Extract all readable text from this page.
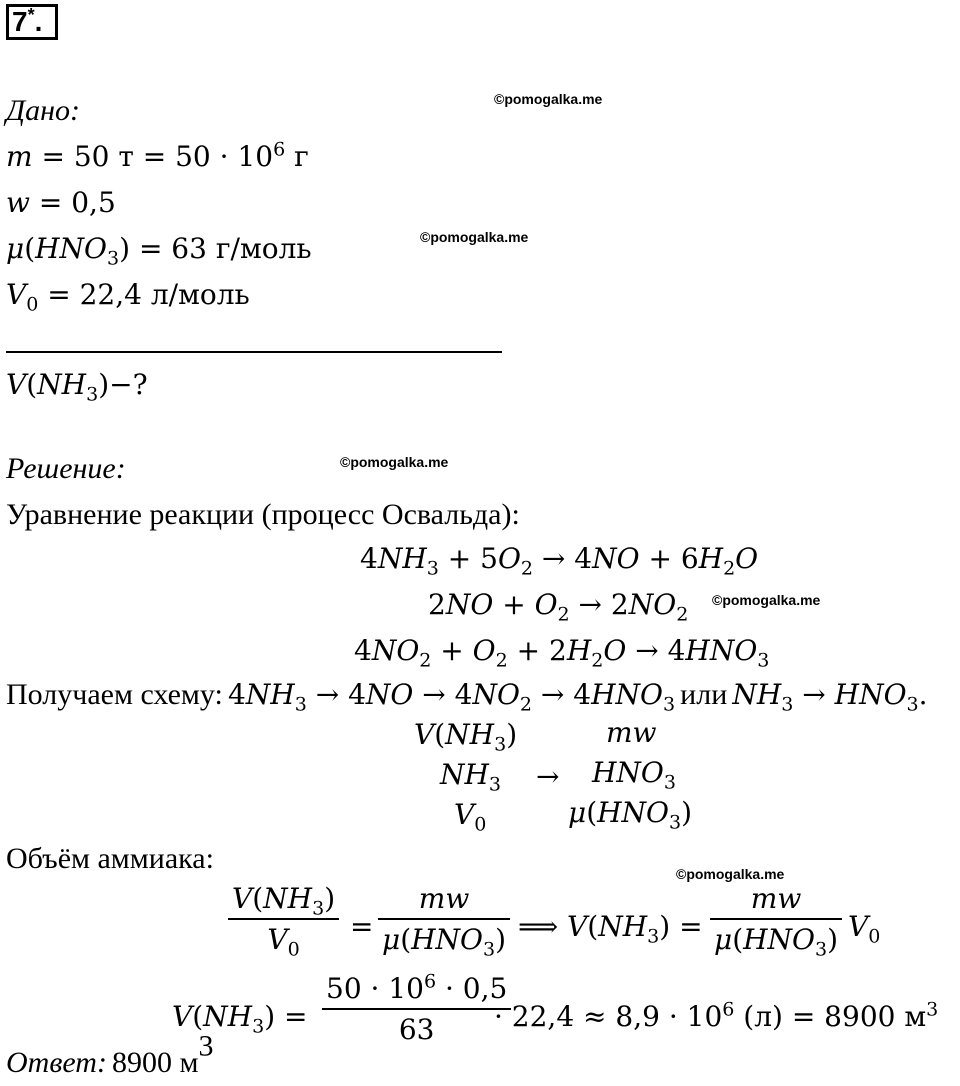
7*.
©pomogalka.me
©pomogalka.me
©pomogalka.me
©pomogalka.me
©pomogalka.me
Дано:
m = 50 $т = 50 \cdot 10^6$ г
w = 0,5
$\mu(HNO_3) = 63$ г/моль
$V_0 = 22,4$ л/моль
$V(NH_3)-$?
Решение:
Уравнение реакции (процесс Освальда):
$4NH_3 + 5O_2 \to 4NO + 6H_2O$
$2NO + O_2 \to 2NO_2$
$4NO_2 + O_2 + 2H_2O \to 4HNO_3$
Получаем схему: $4NH_3 \to 4NO \to 4NO_2 \to 4HNO_3$ или $NH_3 \to HNO_3$.
$V(NH_3)$	mw
$NH_3 \to HNO_3$
$V_0$	$\mu(HNO_3)$
Объём аммиака:
$\frac{V(NH_3)}{V_0}$ =
mw
$\mu(HNO_3)$ ⟹ $V(NH_3)$ =
mw
$\mu(HNO_3)$ $V_0$
$V(NH_3) = \frac{50 \cdot 10^6 \cdot 0,5}{63}$
· $22,4 \approx 8,9 \cdot 10^6$ (л) = 8900 $м^3$
Ответ: 8900 $м^3$
